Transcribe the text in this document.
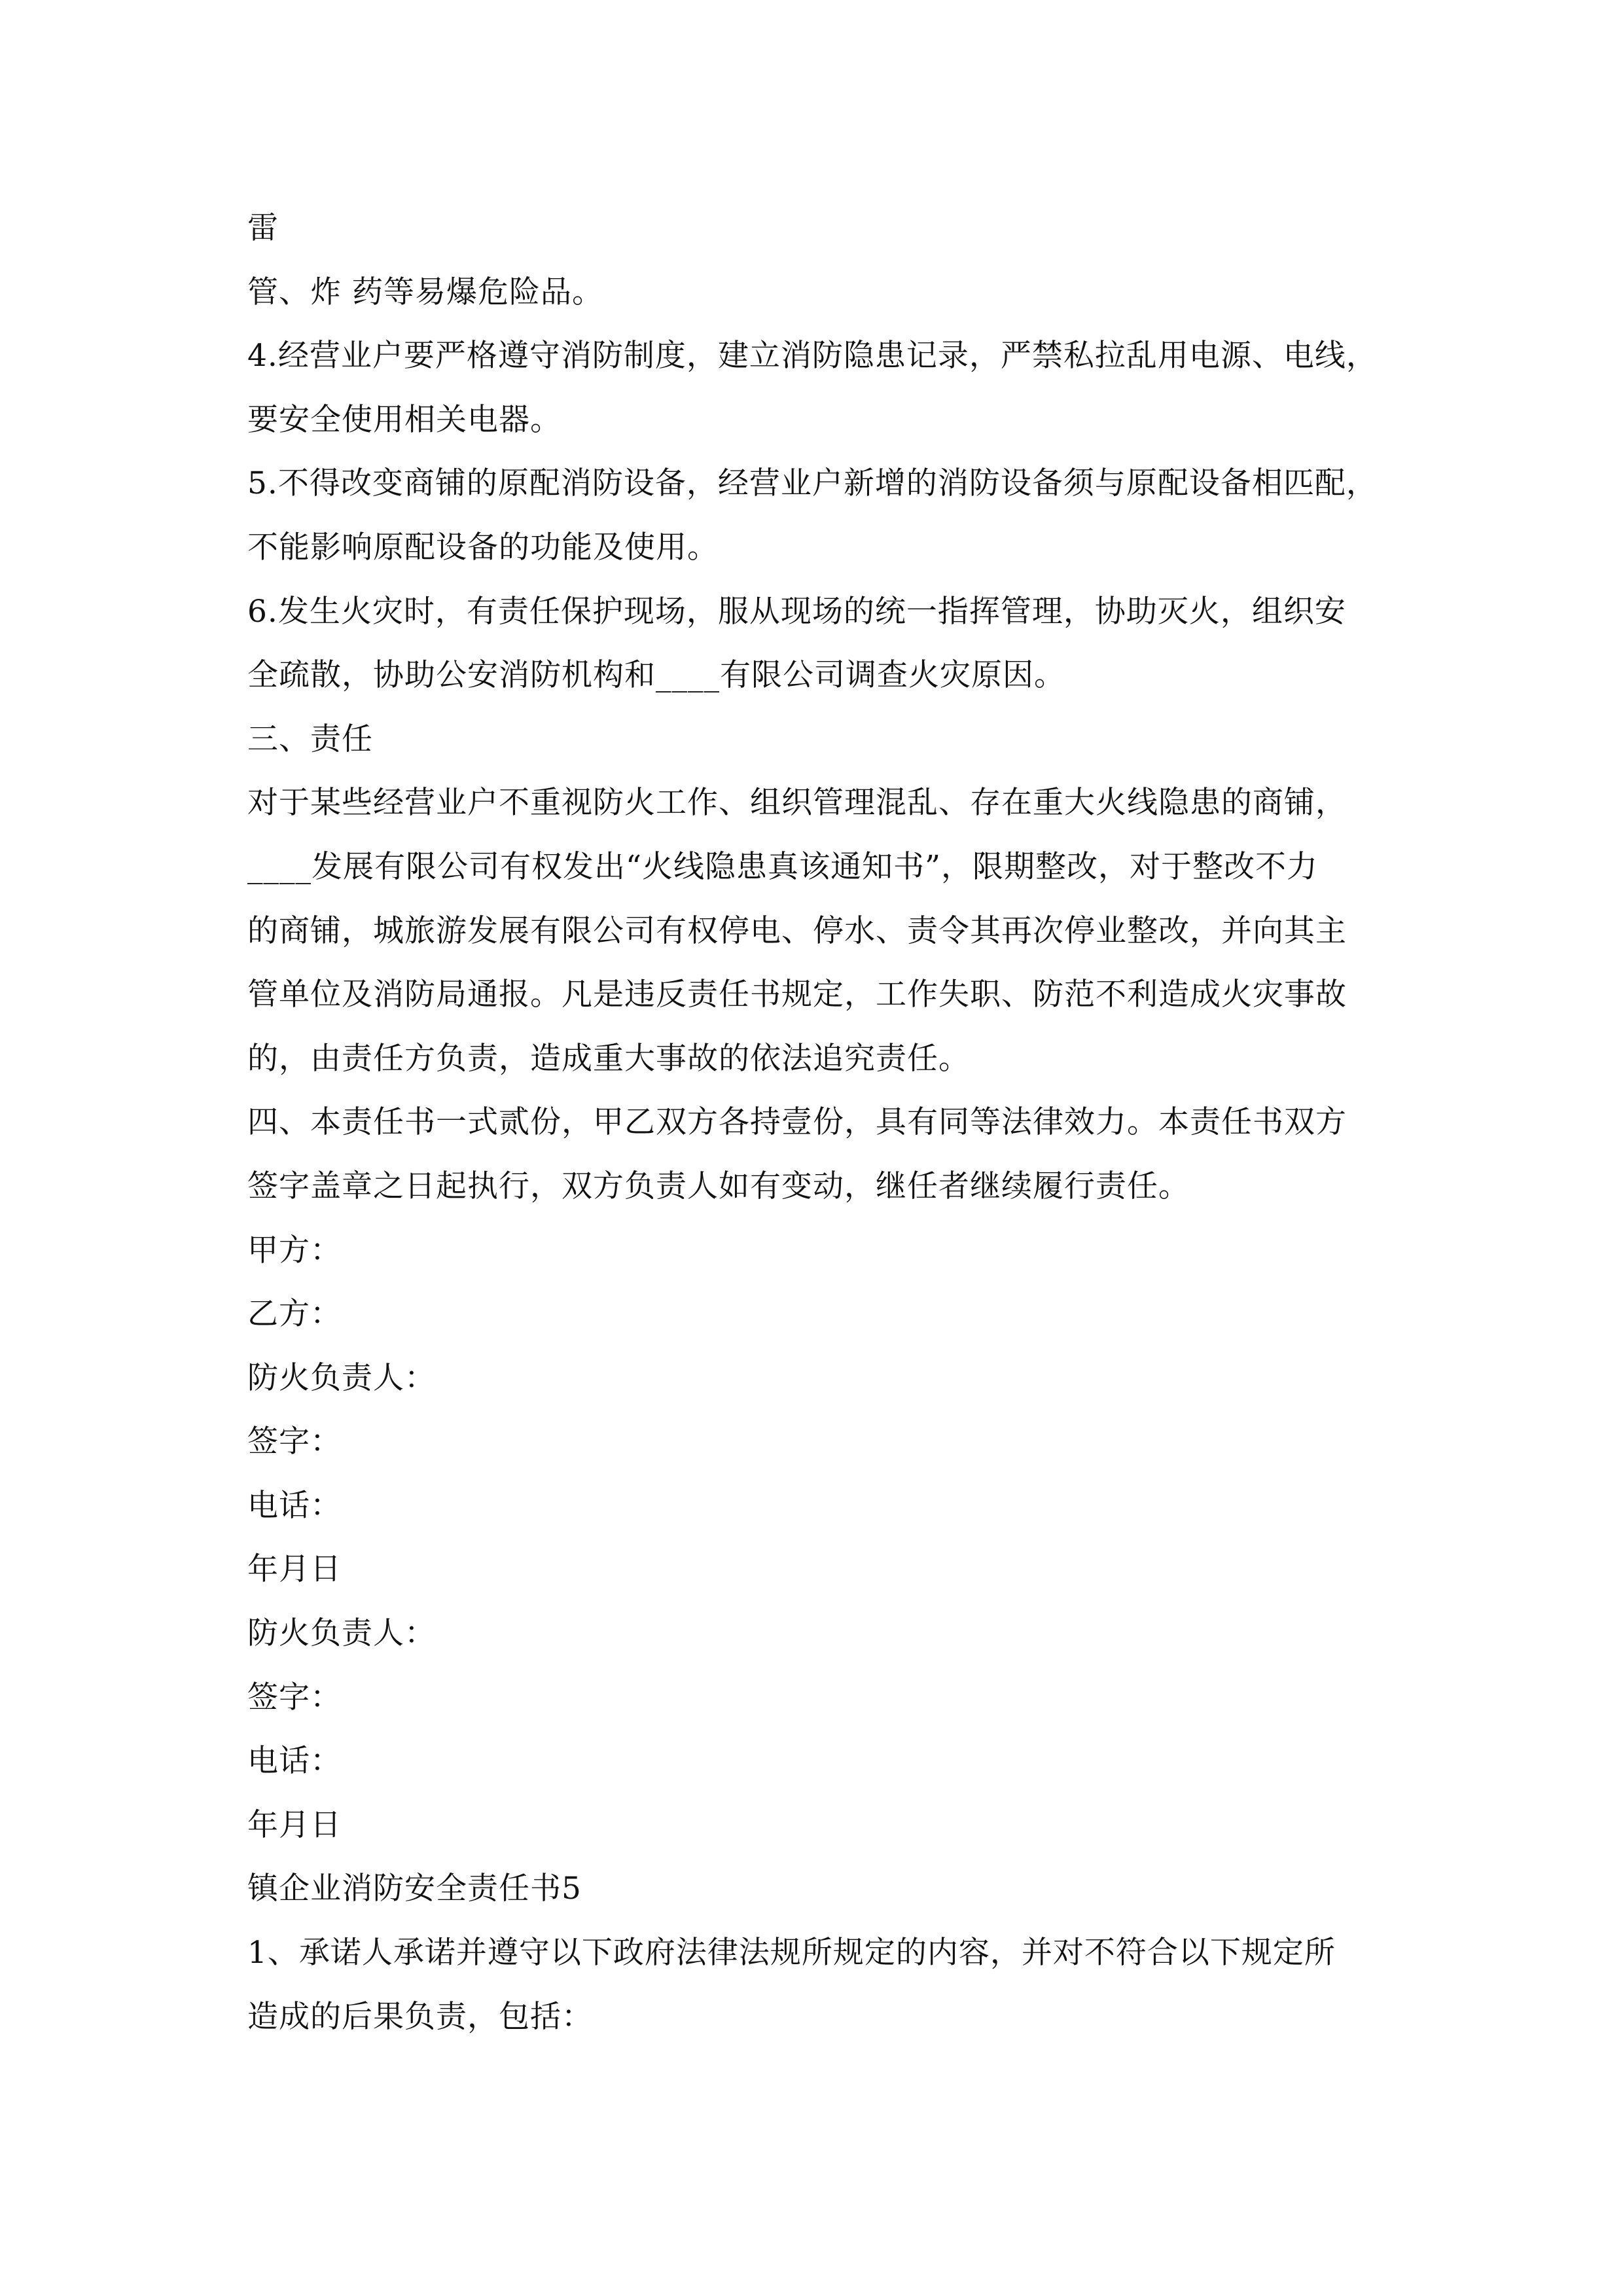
雷
管、炸 药等易爆危险品。
4.经营业户要严格遵守消防制度，建立消防隐患记录，严禁私拉乱用电源、电线，
要安全使用相关电器。
5.不得改变商铺的原配消防设备，经营业户新增的消防设备须与原配设备相匹配，
不能影响原配设备的功能及使用。
6.发生火灾时，有责任保护现场，服从现场的统一指挥管理，协助灭火，组织安
全疏散，协助公安消防机构和____有限公司调查火灾原因。
三、责任
对于某些经营业户不重视防火工作、组织管理混乱、存在重大火线隐患的商铺，
____发展有限公司有权发出“火线隐患真该通知书”，限期整改，对于整改不力
的商铺，城旅游发展有限公司有权停电、停水、责令其再次停业整改，并向其主
管单位及消防局通报。凡是违反责任书规定，工作失职、防范不利造成火灾事故
的，由责任方负责，造成重大事故的依法追究责任。
四、本责任书一式贰份，甲乙双方各持壹份，具有同等法律效力。本责任书双方
签字盖章之日起执行，双方负责人如有变动，继任者继续履行责任。
甲方：
乙方：
防火负责人：
签字：
电话：
年月日
防火负责人：
签字：
电话：
年月日
镇企业消防安全责任书5
1、承诺人承诺并遵守以下政府法律法规所规定的内容，并对不符合以下规定所
造成的后果负责，包括：
